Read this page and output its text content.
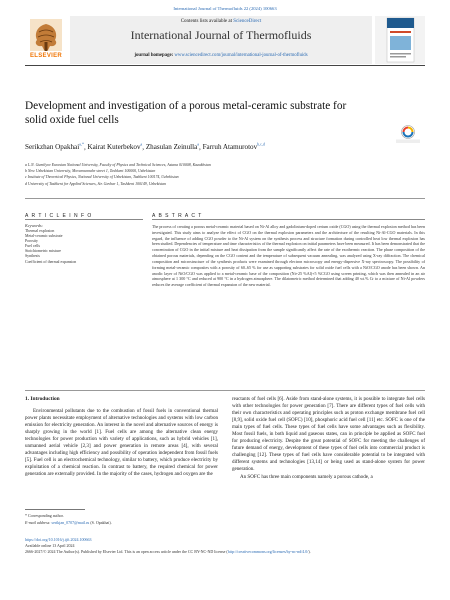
International Journal of Thermofluids 22 (2024) 100663
ELSEVIER
Contents lists available at ScienceDirect
International Journal of Thermofluids
journal homepage: www.sciencedirect.com/journal/international-journal-of-thermofluids
Development and investigation of a porous metal-ceramic substrate for solid oxide fuel cells
Serikzhan Opakhai$^{a,*}$, Kairat Kuterbekov$^a$, Zhasulan Zeinulla$^a$, Farruh Atamurotov$^{b,c,d}$
a L.N. Gumilyov Eurasian National University, Faculty of Physics and Technical Sciences, Astana 010008, Kazakhstan
b New Uzbekistan University, Movarounnahr street 1, Tashkent 100000, Uzbekistan
c Institute of Theoretical Physics, National University of Uzbekistan, Tashkent 100174, Uzbekistan
d University of Tashkent for Applied Sciences, Str. Gavhar 1, Tashkent 100149, Uzbekistan
A R T I C L E I N F O	A B S T R A C T
Keywords:
Thermal explosion
Metal-ceramic substrate
Porosity
Fuel cells
Stoichiometric mixture
Synthesis
Coefficient of thermal expansion
The process of creating a porous metal-ceramic material based on Ni-Al alloy and gadolinium-doped cerium oxide (CGO) using the thermal explosion method has been investigated. This study aims to analyze the effect of CGO on the thermal explosion parameters and the architecture of the resulting Ni-Al-CGO materials. In this regard, the influence of adding CGO powder to the Ni-Al system on the synthesis process and structure formation during controlled heat low thermal explosion has been studied. Dependencies of temperature and time characteristics of the thermal explosion on initial parameters have been measured. It has been demonstrated that the concentration of CGO in the initial mixture and heat dissipation from the sample significantly affect the rate of the exothermic reaction. The phase composition of the obtained porous materials, depending on the CGO content and the temperature of subsequent vacuum annealing, was analyzed using X-ray diffraction. The chemical composition and microstructure of the synthesis products were examined through electron microscopy and energy-dispersive X-ray spectroscopy. The possibility of forming metal-ceramic composites with a porosity of 60–65 % for use as supporting substrates for solid oxide fuel cells with a NiO/CGO anode has been shown. An anodic layer of NiO/CGO was applied to a metal-ceramic base of the composition (Ni+25 %Al)+5 %CGO using screen printing, which was then annealed in an air atmosphere at 1 300 °C and reduced at 900 °C in a hydrogen atmosphere. The dilatometric method determined that adding 40 wt.% Cr to a mixture of Ni-Al powders reduces the average coefficient of thermal expansion of the new material.
1. Introduction

Environmental pollutants due to the combustion of fossil fuels in conventional thermal power plants necessitate employment of alternative technologies and systems with low carbon emission for electricity generation. An interest in the novel and alternative sources of energy is sharply growing in the world [1]. Fuel cells are among the alternative clean energy technologies for power production with variety of applications, such as hybrid vehicles [1], unmanned aerial vehicle [2,3] and power generation in remote areas [4], with several advantages including high efficiency and possibility of operation independent from fossil fuels [5]. Fuel cell is an electrochemical technology, similar to battery, which produce electricity by exploitation of a chemical reaction. In contrast to battery, the required chemical for power generation are externally provided. In the majority of the cases, hydrogen and oxygen are the

reactants of fuel cells [6]. Aside from stand-alone systems, it is possible to integrate fuel cells with other technologies for power generation [7]. There are different types of fuel cells with their own characteristics and operating principles such as proton exchange membrane fuel cell [8,9], solid oxide fuel cell (SOFC) [10], phosphoric acid fuel cell [11] etc. SOFC is one of the main types of fuel cells. These types of fuel cells have some advantages such as flexibility. Most fossil fuels, in both liquid and gaseous states, can in principle be applied as SOFC fuel for producing electricity. Despite the great potential of SOFC for meeting the challenges of future demand of energy, development of these types of fuel cells into commercial product is challenging [12]. These types of fuel cells have considerable potential to be integrated with different systems and technologies [13,14] or being used as stand-alone system for power generation.

An SOFC has three main components namely a porous cathode, a

* Corresponding author.
E-mail address: serikjan_0707@mail.ru (S. Opakhai).
https://doi.org/10.1016/j.ijft.2024.100663
Available online 13 April 2024
2666-2027/© 2024 The Author(s). Published by Elsevier Ltd. This is an open access article under the CC BY-NC-ND license (http://creativecommons.org/licenses/by-nc-nd/4.0/).
